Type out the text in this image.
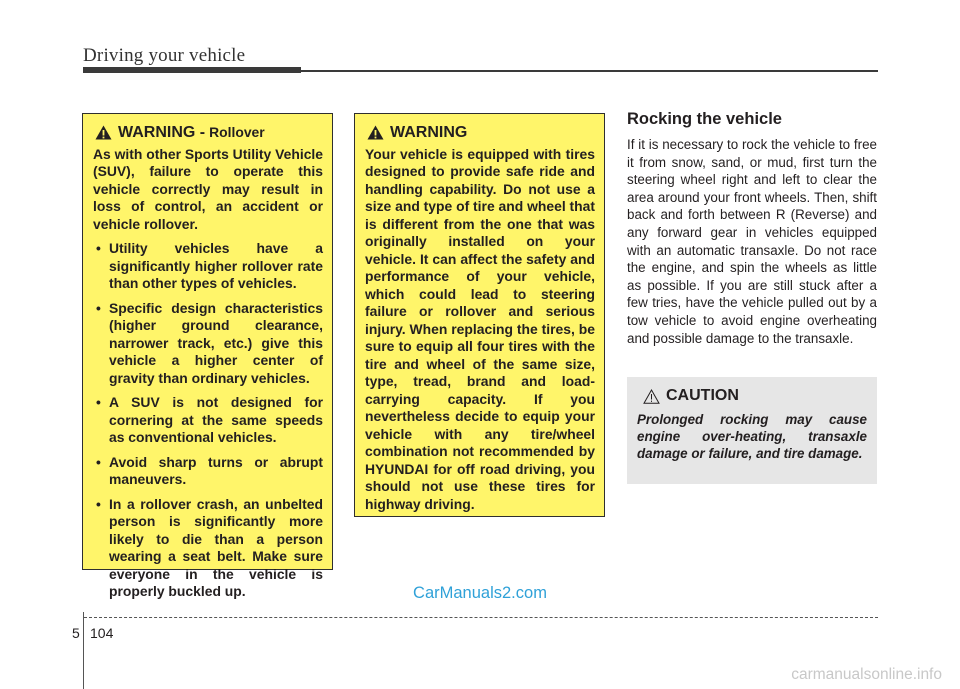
Driving your vehicle
WARNING - Rollover
As with other Sports Utility Vehicle (SUV), failure to operate this vehicle correctly may result in loss of control, an accident or vehicle rollover.
• Utility vehicles have a significantly higher rollover rate than other types of vehicles.
• Specific design characteristics (higher ground clearance, narrower track, etc.) give this vehicle a higher center of gravity than ordinary vehicles.
• A SUV is not designed for cornering at the same speeds as conventional vehicles.
• Avoid sharp turns or abrupt maneuvers.
• In a rollover crash, an unbelted person is significantly more likely to die than a person wearing a seat belt. Make sure everyone in the vehicle is properly buckled up.
WARNING
Your vehicle is equipped with tires designed to provide safe ride and handling capability. Do not use a size and type of tire and wheel that is different from the one that was originally installed on your vehicle. It can affect the safety and performance of your vehicle, which could lead to steering failure or rollover and serious injury. When replacing the tires, be sure to equip all four tires with the tire and wheel of the same size, type, tread, brand and load-carrying capacity. If you nevertheless decide to equip your vehicle with any tire/wheel combination not recommended by HYUNDAI for off road driving, you should not use these tires for highway driving.
Rocking the vehicle
If it is necessary to rock the vehicle to free it from snow, sand, or mud, first turn the steering wheel right and left to clear the area around your front wheels. Then, shift back and forth between R (Reverse) and any forward gear in vehicles equipped with an automatic transaxle. Do not race the engine, and spin the wheels as little as possible. If you are still stuck after a few tries, have the vehicle pulled out by a tow vehicle to avoid engine overheating and possible damage to the transaxle.
CAUTION
Prolonged rocking may cause engine over-heating, transaxle damage or failure, and tire damage.
CarManuals2.com
5 104
carmanualsonline.info
